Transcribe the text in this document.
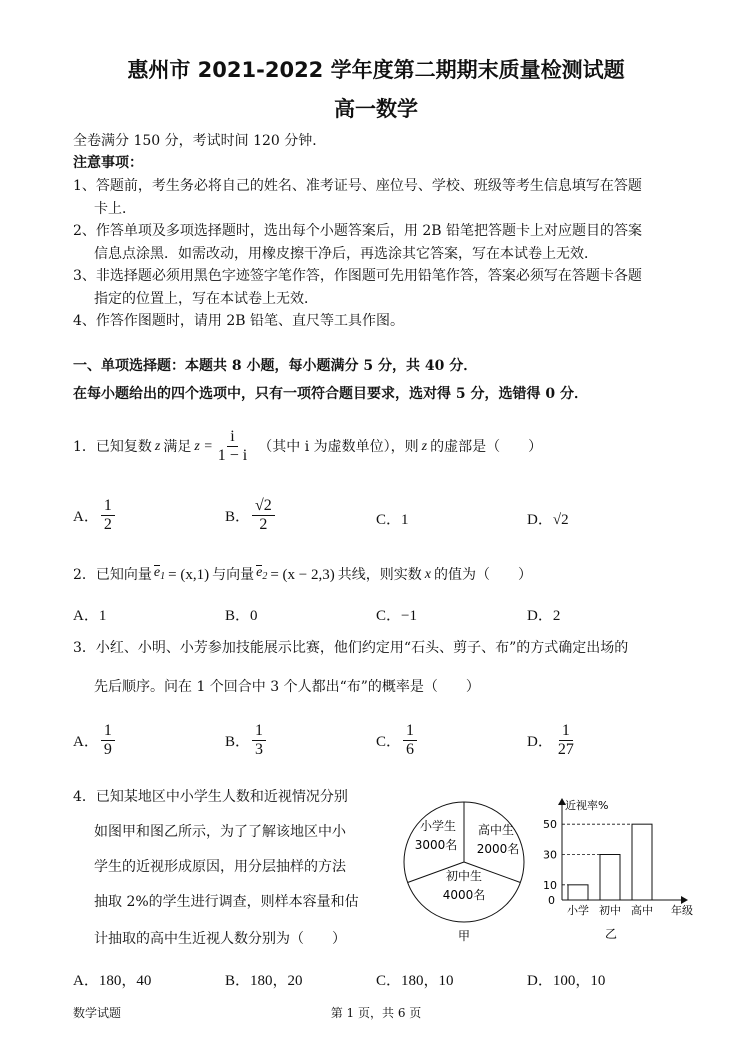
惠州市 2021-2022 学年度第二期期末质量检测试题
高一数学
全卷满分 150 分，考试时间 120 分钟．
注意事项：
1、答题前，考生务必将自己的姓名、准考证号、座位号、学校、班级等考生信息填写在答题
卡上．
2、作答单项及多项选择题时，选出每个小题答案后，用 2B 铅笔把答题卡上对应题目的答案
信息点涂黑．如需改动，用橡皮擦干净后，再选涂其它答案，写在本试卷上无效．
3、非选择题必须用黑色字迹签字笔作答，作图题可先用铅笔作答，答案必须写在答题卡各题
指定的位置上，写在本试卷上无效．
4、作答作图题时，请用 2B 铅笔、直尺等工具作图。
一、单项选择题：本题共 8 小题，每小题满分 5 分，共 40 分．
在每小题给出的四个选项中，只有一项符合题目要求，选对得 5 分，选错得 0 分．
1．已知复数 z 满足 $z = \frac{i}{1 - i}$ （其中 i 为虚数单位），则 z 的虚部是（　　）
A． $\frac{1}{2}$	B． $\frac{√2}{2}$	C．1	D．√2
2．已知向量 $e_1 = (x,1)$ 与向量 $e_2 = (x - 2,3)$ 共线，则实数 x 的值为（　　）
A．1	B．0	C．−1	D．2
3．小红、小明、小芳参加技能展示比赛，他们约定用“石头、剪子、布”的方式确定出场的
先后顺序。问在 1 个回合中 3 个人都出“布”的概率是（　　）
A． $\frac{1}{9}$	B． $\frac{1}{3}$	C． $\frac{1}{6}$	D． $\frac{1}{27}$
4．已知某地区中小学生人数和近视情况分别
如图甲和图乙所示，为了了解该地区中小
学生的近视形成原因，用分层抽样的方法
抽取 2%的学生进行调查，则样本容量和估
计抽取的高中生近视人数分别为（　　）
小学生
3000名
高中生
2000名
初中生
4000名
甲
近视率%
0
10
小学
30
初中
50
高中 年级
乙
A．180，40	B．180，20	C．180，10	D．100，10
数学试题	第 1 页，共 6 页
